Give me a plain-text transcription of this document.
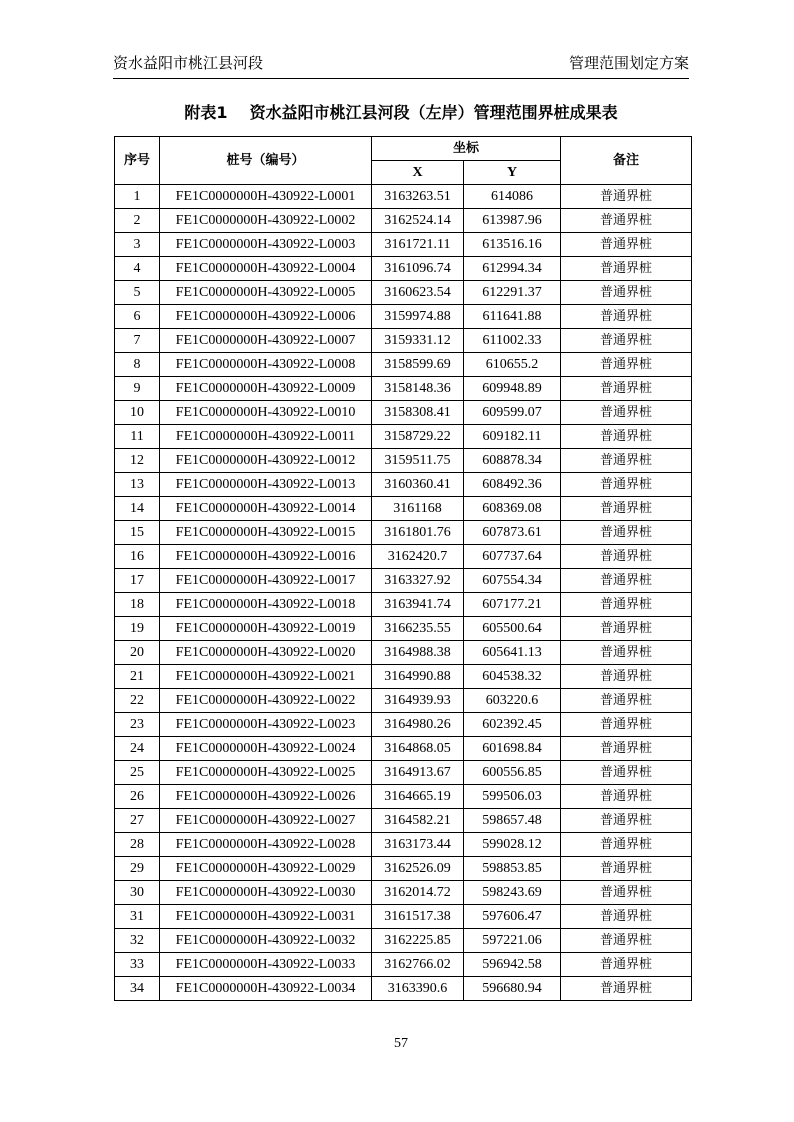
资水益阳市桃江县河段	管理范围划定方案
附表1 资水益阳市桃江县河段（左岸）管理范围界桩成果表
序号	桩号（编号）	坐标		备注
		X	Y	
1	FE1C0000000H-430922-L0001	3163263.51	614086	普通界桩
2	FE1C0000000H-430922-L0002	3162524.14	613987.96	普通界桩
3	FE1C0000000H-430922-L0003	3161721.11	613516.16	普通界桩
4	FE1C0000000H-430922-L0004	3161096.74	612994.34	普通界桩
5	FE1C0000000H-430922-L0005	3160623.54	612291.37	普通界桩
6	FE1C0000000H-430922-L0006	3159974.88	611641.88	普通界桩
7	FE1C0000000H-430922-L0007	3159331.12	611002.33	普通界桩
8	FE1C0000000H-430922-L0008	3158599.69	610655.2	普通界桩
9	FE1C0000000H-430922-L0009	3158148.36	609948.89	普通界桩
10	FE1C0000000H-430922-L0010	3158308.41	609599.07	普通界桩
11	FE1C0000000H-430922-L0011	3158729.22	609182.11	普通界桩
12	FE1C0000000H-430922-L0012	3159511.75	608878.34	普通界桩
13	FE1C0000000H-430922-L0013	3160360.41	608492.36	普通界桩
14	FE1C0000000H-430922-L0014	3161168	608369.08	普通界桩
15	FE1C0000000H-430922-L0015	3161801.76	607873.61	普通界桩
16	FE1C0000000H-430922-L0016	3162420.7	607737.64	普通界桩
17	FE1C0000000H-430922-L0017	3163327.92	607554.34	普通界桩
18	FE1C0000000H-430922-L0018	3163941.74	607177.21	普通界桩
19	FE1C0000000H-430922-L0019	3166235.55	605500.64	普通界桩
20	FE1C0000000H-430922-L0020	3164988.38	605641.13	普通界桩
21	FE1C0000000H-430922-L0021	3164990.88	604538.32	普通界桩
22	FE1C0000000H-430922-L0022	3164939.93	603220.6	普通界桩
23	FE1C0000000H-430922-L0023	3164980.26	602392.45	普通界桩
24	FE1C0000000H-430922-L0024	3164868.05	601698.84	普通界桩
25	FE1C0000000H-430922-L0025	3164913.67	600556.85	普通界桩
26	FE1C0000000H-430922-L0026	3164665.19	599506.03	普通界桩
27	FE1C0000000H-430922-L0027	3164582.21	598657.48	普通界桩
28	FE1C0000000H-430922-L0028	3163173.44	599028.12	普通界桩
29	FE1C0000000H-430922-L0029	3162526.09	598853.85	普通界桩
30	FE1C0000000H-430922-L0030	3162014.72	598243.69	普通界桩
31	FE1C0000000H-430922-L0031	3161517.38	597606.47	普通界桩
32	FE1C0000000H-430922-L0032	3162225.85	597221.06	普通界桩
33	FE1C0000000H-430922-L0033	3162766.02	596942.58	普通界桩
34	FE1C0000000H-430922-L0034	3163390.6	596680.94	普通界桩
57
